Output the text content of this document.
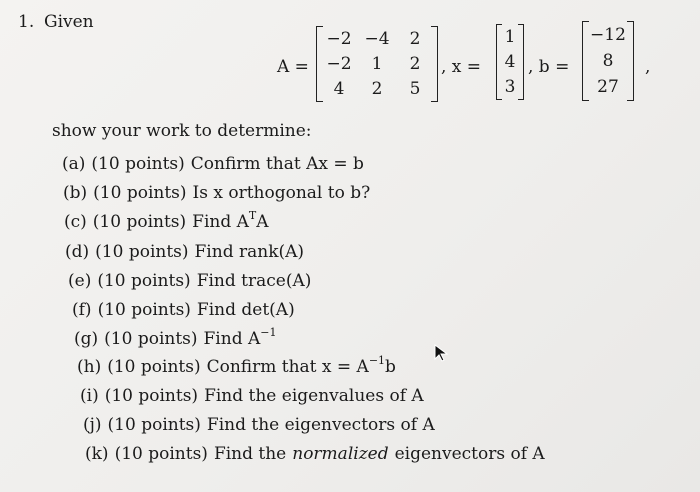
1. Given
A =
−2 −4	2
−2	1	2
4	2	5
, x =
1
4
3
, b =
−12
8
27
,
show your work to determine:
(a) (10 points) Confirm that Ax = b
(b) (10 points) Is x orthogonal to b?
(c) (10 points) Find $A^TA$
(d) (10 points) Find rank(A)
(e) (10 points) Find trace(A)
(f) (10 points) Find det(A)
(g) (10 points) Find $A^{-1}$
(h) (10 points) Confirm that $x = A^{-1}b$
(i) (10 points) Find the eigenvalues of A
(j) (10 points) Find the eigenvectors of A
(k) (10 points) Find the normalized eigenvectors of A
